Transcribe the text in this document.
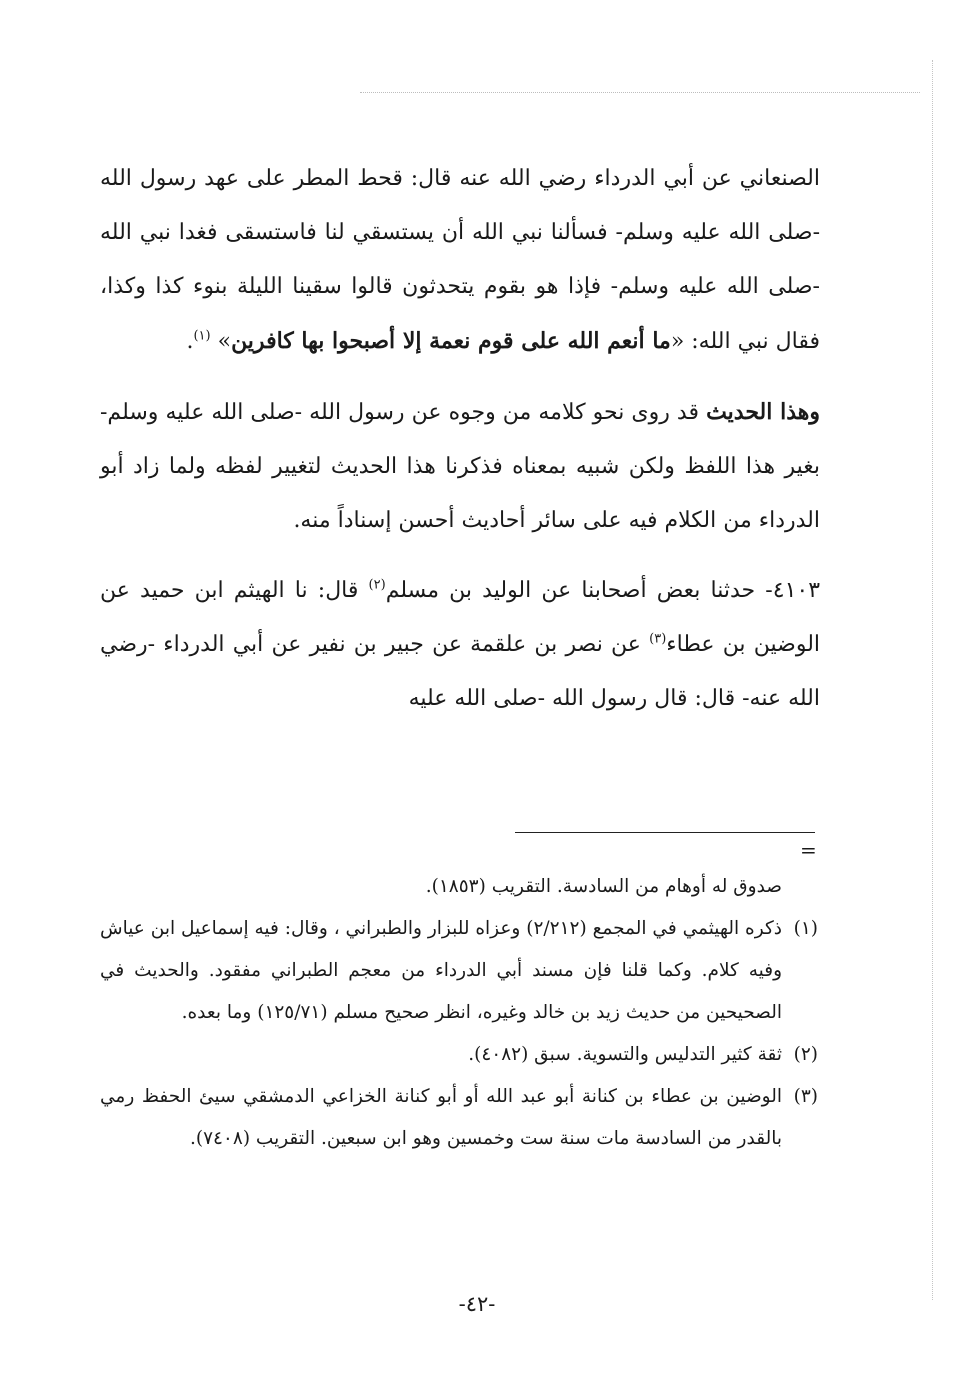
الصنعاني عن أبي الدرداء رضي الله عنه قال: قحط المطر على عهد رسول الله -صلى الله عليه وسلم- فسألنا نبي الله أن يستسقي لنا فاستسقى فغدا نبي الله -صلى الله عليه وسلم- فإذا هو بقوم يتحدثون قالوا سقينا الليلة بنوء كذا وكذا، فقال نبي الله: «ما أنعم الله على قوم نعمة إلا أصبحوا بها كافرين» $^{(١)}$.

وهذا الحديث قد روى نحو كلامه من وجوه عن رسول الله -صلى الله عليه وسلم- بغير هذا اللفظ ولكن شبيه بمعناه فذكرنا هذا الحديث لتغيير لفظه ولما زاد أبو الدرداء من الكلام فيه على سائر أحاديث أحسن إسناداً منه.

٤١٠٣- حدثنا بعض أصحابنا عن الوليد بن مسلم$^{(٢)}$ قال: نا الهيثم ابن حميد عن الوضين بن عطاء$^{(٣)}$ عن نصر بن علقمة عن جبير بن نفير عن أبي الدرداء -رضي الله عنه- قال: قال رسول الله -صلى الله عليه

=

صدوق له أوهام من السادسة. التقريب (١٨٥٣).

(١)
ذكره الهيثمي في المجمع (٢/٢١٢) وعزاه للبزار والطبراني ، وقال: فيه إسماعيل ابن عياش وفيه كلام. وكما قلنا فإن مسند أبي الدرداء من معجم الطبراني مفقود. والحديث في الصحيحين من حديث زيد بن خالد وغيره، انظر صحيح مسلم (١٢٥/٧١) وما بعده.

(٢)
ثقة كثير التدليس والتسوية. سبق (٤٠٨٢).

(٣)
الوضين بن عطاء بن كنانة أبو عبد الله أو أبو كنانة الخزاعي الدمشقي سيئ الحفظ رمي بالقدر من السادسة مات سنة ست وخمسين وهو ابن سبعين. التقريب (٧٤٠٨).

-٤٢-
